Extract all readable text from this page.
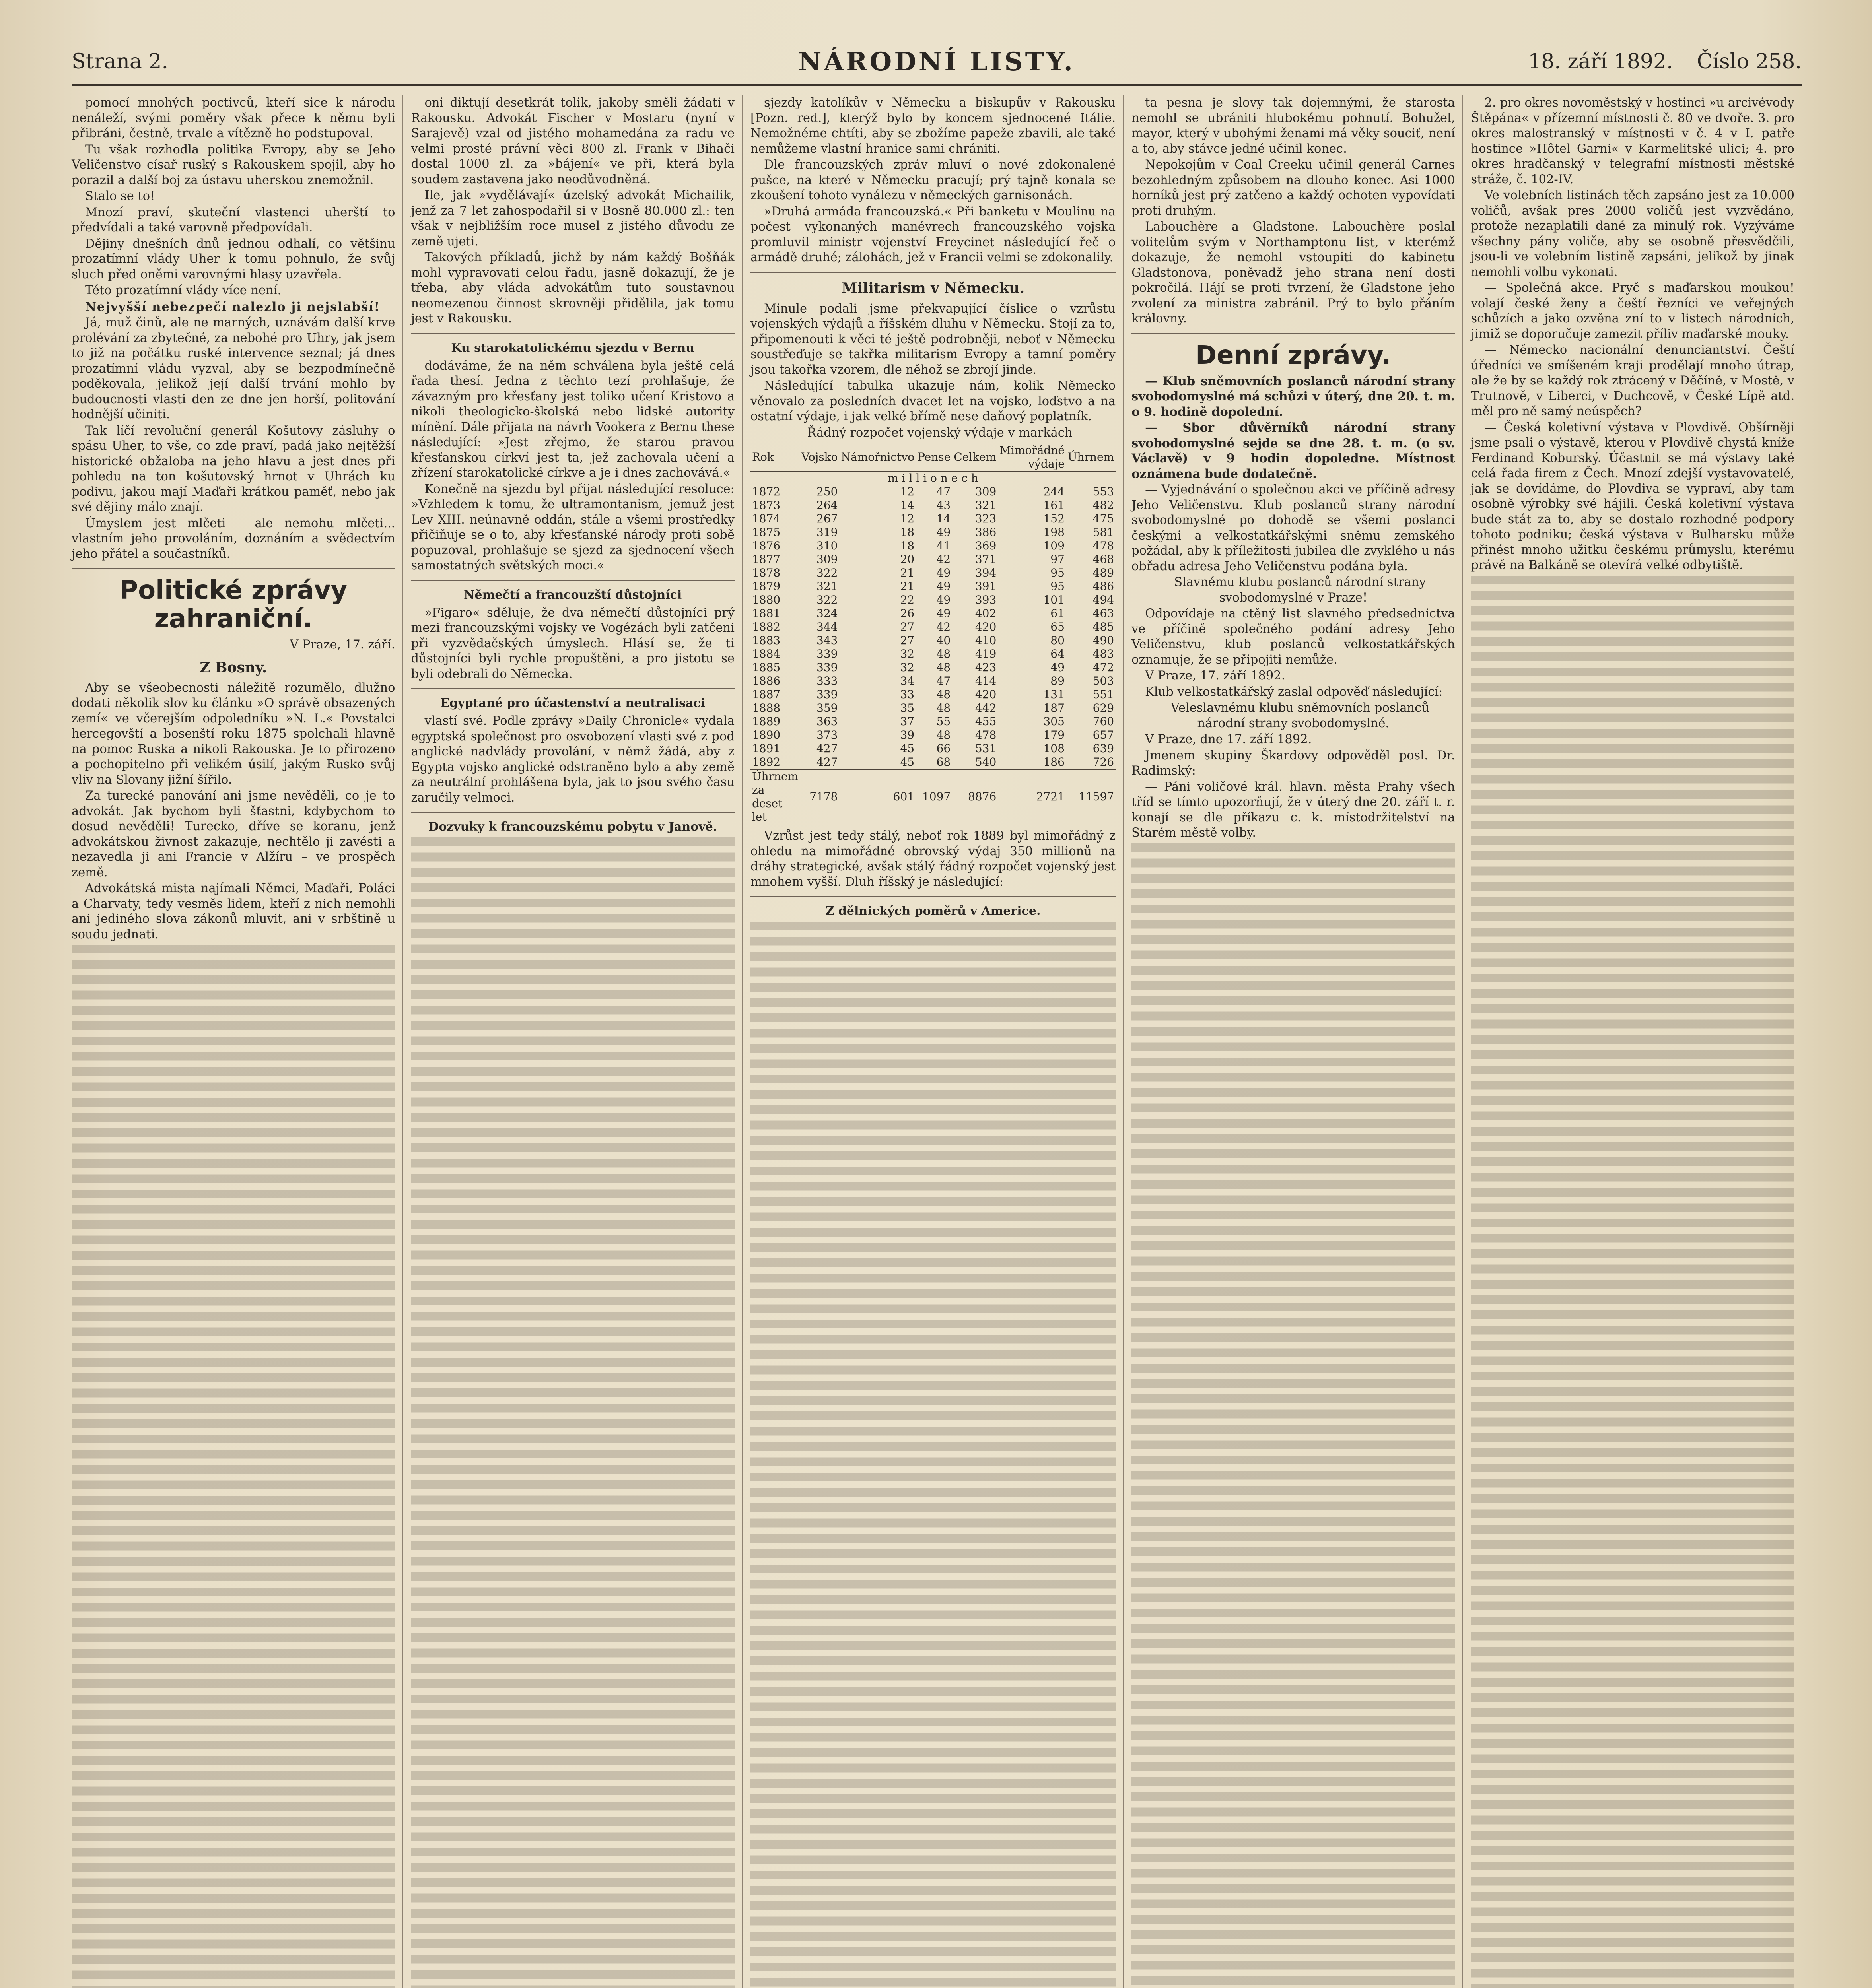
Strana 2.	NÁRODNÍ LISTY.	18. září 1892. Číslo 258.

pomocí mnohých poctivců, kteří sice k národu nenáleží, svými poměry však přece k němu byli přibráni, čestně, trvale a vítězně ho podstupoval.

Tu však rozhodla politika Evropy, aby se Jeho Veličenstvo císař ruský s Rakouskem spojil, aby ho porazil a další boj za ústavu uherskou znemožnil.

Stalo se to!

Mnozí praví, skuteční vlastenci uherští to předvídali a také varovně předpovídali.

Dějiny dnešních dnů jednou odhalí, co většinu prozatímní vlády Uher k tomu pohnulo, že svůj sluch před oněmi varovnými hlasy uzavřela.

Této prozatímní vlády více není.

Nejvyšší nebezpečí nalezlo ji nejslabší!

Já, muž činů, ale ne marných, uznávám další krve prolévání za zbytečné, za nebohé pro Uhry, jak jsem to již na počátku ruské intervence seznal; já dnes prozatímní vládu vyzval, aby se bezpodmínečně poděkovala, jelikož její další trvání mohlo by budoucnosti vlasti den ze dne jen horší, politování hodnější učiniti.

Tak líčí revoluční generál Košutovy zásluhy o spásu Uher, to vše, co zde praví, padá jako nejtěžší historické obžaloba na jeho hlavu a jest dnes při pohledu na ton košutovský hrnot v Uhrách ku podivu, jakou mají Maďaři krátkou paměť, nebo jak své dějiny málo znají.

Úmyslem jest mlčeti – ale nemohu mlčeti... vlastním jeho provoláním, doznáním a svědectvím jeho přátel a součastníků.

Politické zprávy zahraniční.

V Praze, 17. září.

Z Bosny.

Aby se všeobecnosti náležitě rozumělo, dlužno dodati několik slov ku článku »O správě obsazených zemí« ve včerejším odpoledníku »N. L.« Povstalci hercegovští a bosenští roku 1875 spolchali hlavně na pomoc Ruska a nikoli Rakouska. Je to přirozeno a pochopitelno při velikém úsilí, jakým Rusko svůj vliv na Slovany jižní šířilo.

Za turecké panování ani jsme nevěděli, co je to advokát. Jak bychom byli šťastni, kdybychom to dosud nevěděli! Turecko, dříve se koranu, jenž advokátskou živnost zakazuje, nechtělo ji zavésti a nezavedla ji ani Francie v Alžíru – ve prospěch země.

Advokátská mista najímali Němci, Maďaři, Poláci a Charvaty, tedy vesměs lidem, kteří z nich nemohli ani jediného slova zákonů mluvit, ani v srbštině u soudu jednati.

oni diktují desetkrát tolik, jakoby směli žádati v Rakousku. Advokát Fischer v Mostaru (nyní v Sarajevě) vzal od jistého mohamedána za radu ve velmi prosté právní věci 800 zl. Frank v Bihači dostal 1000 zl. za »bájení« ve při, která byla soudem zastavena jako neodůvodněná.

Ile, jak »vydělávají« úzelský advokát Michailik, jenž za 7 let zahospodařil si v Bosně 80.000 zl.: ten však v nejbližším roce musel z jistého důvodu ze země ujeti.

Takových příkladů, jichž by nám každý Bošňák mohl vypravovati celou řadu, jasně dokazují, že je třeba, aby vláda advokátům tuto soustavnou neomezenou činnost skrovněji přidělila, jak tomu jest v Rakousku.

Ku starokatolickému sjezdu v Bernu

dodáváme, že na něm schválena byla ještě celá řada thesí. Jedna z těchto tezí prohlašuje, že závazným pro křesťany jest toliko učení Kristovo a nikoli theologicko-školská nebo lidské autority mínění. Dále přijata na návrh Vookera z Bernu these následující: »Jest zřejmo, že starou pravou křesťanskou církví jest ta, jež zachovala učení a zřízení starokatolické církve a je i dnes zachovává.«

Konečně na sjezdu byl přijat následující resoluce: »Vzhledem k tomu, že ultramontanism, jemuž jest Lev XIII. neúnavně oddán, stále a všemi prostředky přičiňuje se o to, aby křesťanské národy proti sobě popuzoval, prohlašuje se sjezd za sjednocení všech samostatných světských moci.«

Němečtí a francouzští důstojníci

»Figaro« sděluje, že dva němečtí důstojníci prý mezi francouzskými vojsky ve Vogézách byli zatčeni při vyzvědačských úmyslech. Hlásí se, že ti důstojníci byli rychle propuštěni, a pro jistotu se byli odebrali do Německa.

Egyptané pro účastenství a neutralisaci

vlastí své. Podle zprávy »Daily Chronicle« vydala egyptská společnost pro osvobození vlasti své z pod anglické nadvlády provolání, v němž žádá, aby z Egypta vojsko anglické odstraněno bylo a aby země za neutrální prohlášena byla, jak to jsou svého času zaručily velmoci.

Dozvuky k francouzskému pobytu v Janově.

sjezdy katolíkův v Německu a biskupův v Rakousku [Pozn. red.], kterýž bylo by koncem sjednocené Itálie. Nemožnéme chtíti, aby se zbožíme papeže zbavili, ale také nemůžeme vlastní hranice sami chrániti.

Dle francouzských zpráv mluví o nové zdokonalené pušce, na které v Německu pracují; prý tajně konala se zkoušení tohoto vynálezu v německých garnisonách.

»Druhá armáda francouzská.« Při banketu v Moulinu na počest vykonaných manévrech francouzského vojska promluvil ministr vojenství Freycinet následující řeč o armádě druhé; zálohách, jež v Francii velmi se zdokonalily.

Militarism v Německu.

Minule podali jsme překvapující číslice o vzrůstu vojenských výdajů a říšském dluhu v Německu. Stojí za to, připomenouti k věci té ještě podrobněji, neboť v Německu soustřeďuje se takřka militarism Evropy a tamní poměry jsou takořka vzorem, dle něhož se zbrojí jinde.

Následující tabulka ukazuje nám, kolik Německo věnovalo za posledních dvacet let na vojsko, loďstvo a na ostatní výdaje, i jak velké břímě nese daňový poplatník.

Řádný rozpočet vojenský výdaje v markách

Rok	Vojsko	Námořnictvo	Pense	Celkem	Mimořádné výdaje	Úhrnem
m i l l i o n e c h						
1872	250	12	47	309	244	553
1873	264	14	43	321	161	482
1874	267	12	14	323	152	475
1875	319	18	49	386	198	581
1876	310	18	41	369	109	478
1877	309	20	42	371	97	468
1878	322	21	49	394	95	489
1879	321	21	49	391	95	486
1880	322	22	49	393	101	494
1881	324	26	49	402	61	463
1882	344	27	42	420	65	485
1883	343	27	40	410	80	490
1884	339	32	48	419	64	483
1885	339	32	48	423	49	472
1886	333	34	47	414	89	503
1887	339	33	48	420	131	551
1888	359	35	48	442	187	629
1889	363	37	55	455	305	760
1890	373	39	48	478	179	657
1891	427	45	66	531	108	639
1892	427	45	68	540	186	726
Úhrnem za deset let	7178	601	1097	8876	2721	11597

Vzrůst jest tedy stálý, neboť rok 1889 byl mimořádný z ohledu na mimořádné obrovský výdaj 350 millionů na dráhy strategické, avšak stálý řádný rozpočet vojenský jest mnohem vyšší. Dluh říšský je následující:

Z dělnických poměrů v Americe.

ta pesna je slovy tak dojemnými, že starosta nemohl se ubrániti hlubokému pohnutí. Bohužel, mayor, který v ubohými ženami má věky souciť, není a to, aby stávce jedné učinil konec.

Nepokojům v Coal Creeku učinil generál Carnes bezohledným způsobem na dlouho konec. Asi 1000 horníků jest prý zatčeno a každý ochoten vypovídati proti druhým.

Labouchère a Gladstone. Labouchère poslal volitelům svým v Northamptonu list, v kterémž dokazuje, že nemohl vstoupiti do kabinetu Gladstonova, poněvadž jeho strana není dosti pokročilá. Hájí se proti tvrzení, že Gladstone jeho zvolení za ministra zabránil. Prý to bylo přáním královny.

Denní zprávy.

— Klub sněmovních poslanců národní strany svobodomyslné má schůzi v úterý, dne 20. t. m. o 9. hodině dopolední.

— Sbor důvěrníků národní strany svobodomyslné sejde se dne 28. t. m. (o sv. Václavě) v 9 hodin dopoledne. Místnost oznámena bude dodatečně.

— Vyjednávání o společnou akci ve příčině adresy Jeho Veličenstvu. Klub poslanců strany národní svobodomyslné po dohodě se všemi poslanci českými a velkostatkářskými sněmu zemského požádal, aby k příležitosti jubilea dle zvyklého u nás obřadu adresa Jeho Veličenstvu podána byla.

Slavnému klubu poslanců národní strany svobodomyslné v Praze!

Odpovídaje na ctěný list slavného předsednictva ve příčině společného podání adresy Jeho Veličenstvu, klub poslanců velkostatkářských oznamuje, že se připojiti nemůže.

V Praze, 17. září 1892.

Klub velkostatkářský zaslal odpověď následující:

Veleslavnému klubu sněmovních poslanců národní strany svobodomyslné.

V Praze, dne 17. září 1892.

Jmenem skupiny Škardovy odpověděl posl. Dr. Radimský:

— Páni voličové král. hlavn. města Prahy všech tříd se tímto upozorňují, že v úterý dne 20. září t. r. konají se dle příkazu c. k. místodržitelství na Starém městě volby.

2. pro okres novoměstský v hostinci »u arcivévody Štěpána« v přízemní místnosti č. 80 ve dvoře. 3. pro okres malostranský v místnosti v č. 4 v I. patře hostince »Hôtel Garni« v Karmelitské ulici; 4. pro okres hradčanský v telegrafní místnosti městské stráže, č. 102-IV.

Ve volebních listinách těch zapsáno jest za 10.000 voličů, avšak pres 2000 voličů jest vyzvědáno, protože nezaplatili dané za minulý rok. Vyzýváme všechny pány voliče, aby se osobně přesvědčili, jsou-li ve volebním listině zapsáni, jelikož by jinak nemohli volbu vykonati.

— Společná akce. Pryč s maďarskou moukou! volají české ženy a čeští řezníci ve veřejných schůzích a jako ozvěna zní to v listech národních, jimiž se doporučuje zamezit příliv maďarské mouky.

— Německo nacionální denunciantství. Čeští úředníci ve smíšeném kraji prodělají mnoho útrap, ale že by se každý rok ztrácený v Děčíně, v Mostě, v Trutnově, v Liberci, v Duchcově, v České Lípě atd. měl pro ně samý neúspěch?

— Česká koletivní výstava v Plovdivě. Obšírněji jsme psali o výstavě, kterou v Plovdivě chystá kníže Ferdinand Koburský. Účastnit se má výstavy také celá řada firem z Čech. Mnozí zdejší vystavovatelé, jak se dovídáme, do Plovdiva se vypraví, aby tam osobně výrobky své hájili. Česká koletivní výstava bude stát za to, aby se dostalo rozhodné podpory tohoto podniku; česká výstava v Bulharsku může přinést mnoho užitku českému průmyslu, kterému právě na Balkáně se otevírá velké odbytiště.
